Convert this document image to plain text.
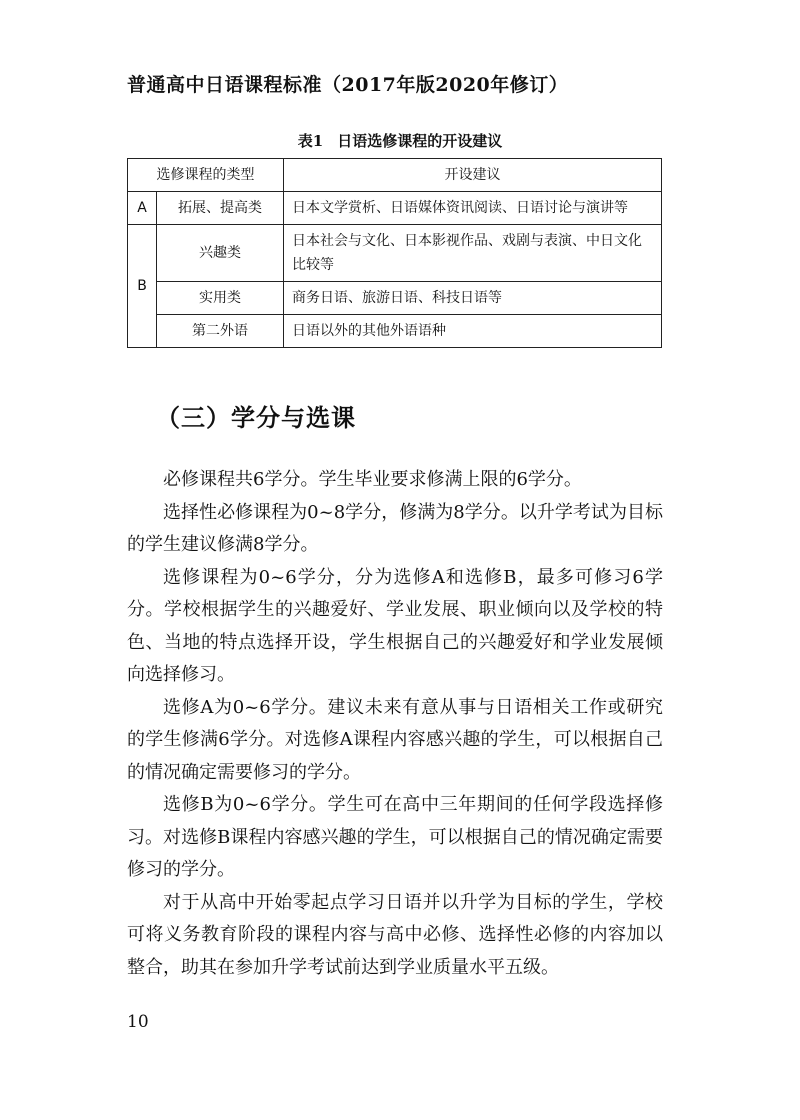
普通高中日语课程标准（2017年版2020年修订）
表1 日语选修课程的开设建议
选修课程的类型		开设建议
A	拓展、提高类	日本文学赏析、日语媒体资讯阅读、日语讨论与演讲等
B	兴趣类	日本社会与文化、日本影视作品、戏剧与表演、中日文化比较等
	实用类	商务日语、旅游日语、科技日语等
	第二外语	日语以外的其他外语语种
（三）学分与选课

必修课程共6学分。学生毕业要求修满上限的6学分。

选择性必修课程为0~8学分，修满为8学分。以升学考试为目标的学生建议修满8学分。

选修课程为0~6学分，分为选修A和选修B，最多可修习6学分。学校根据学生的兴趣爱好、学业发展、职业倾向以及学校的特色、当地的特点选择开设，学生根据自己的兴趣爱好和学业发展倾向选择修习。

选修A为0~6学分。建议未来有意从事与日语相关工作或研究的学生修满6学分。对选修A课程内容感兴趣的学生，可以根据自己的情况确定需要修习的学分。

选修B为0~6学分。学生可在高中三年期间的任何学段选择修习。对选修B课程内容感兴趣的学生，可以根据自己的情况确定需要修习的学分。

对于从高中开始零起点学习日语并以升学为目标的学生，学校可将义务教育阶段的课程内容与高中必修、选择性必修的内容加以整合，助其在参加升学考试前达到学业质量水平五级。

10
